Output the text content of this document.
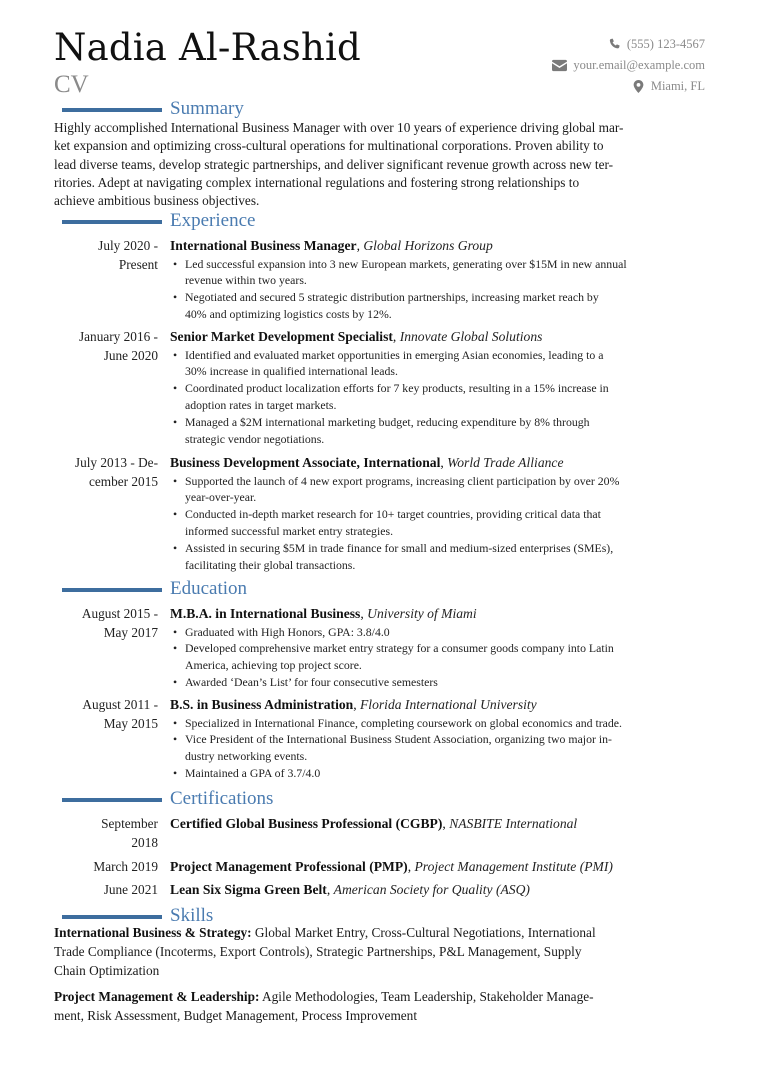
Nadia Al-Rashid
CV
(555) 123-4567
your.email@example.com
Miami, FL
Summary
Highly accomplished International Business Manager with over 10 years of experience driving global mar-
ket expansion and optimizing cross-cultural operations for multinational corporations. Proven ability to
lead diverse teams, develop strategic partnerships, and deliver significant revenue growth across new ter-
ritories. Adept at navigating complex international regulations and fostering strong relationships to
achieve ambitious business objectives.
Experience
July 2020 -
Present
International Business Manager, Global Horizons Group
• Led successful expansion into 3 new European markets, generating over $15M in new annual
revenue within two years.
• Negotiated and secured 5 strategic distribution partnerships, increasing market reach by
40% and optimizing logistics costs by 12%.
January 2016 -
June 2020
Senior Market Development Specialist, Innovate Global Solutions
• Identified and evaluated market opportunities in emerging Asian economies, leading to a
30% increase in qualified international leads.
• Coordinated product localization efforts for 7 key products, resulting in a 15% increase in
adoption rates in target markets.
• Managed a $2M international marketing budget, reducing expenditure by 8% through
strategic vendor negotiations.
July 2013 - De-
cember 2015
Business Development Associate, International, World Trade Alliance
• Supported the launch of 4 new export programs, increasing client participation by over 20%
year-over-year.
• Conducted in-depth market research for 10+ target countries, providing critical data that
informed successful market entry strategies.
• Assisted in securing $5M in trade finance for small and medium-sized enterprises (SMEs),
facilitating their global transactions.
Education
August 2015 -
May 2017
M.B.A. in International Business, University of Miami
• Graduated with High Honors, GPA: 3.8/4.0
• Developed comprehensive market entry strategy for a consumer goods company into Latin
America, achieving top project score.
• Awarded ‘Dean’s List’ for four consecutive semesters
August 2011 -
May 2015
B.S. in Business Administration, Florida International University
• Specialized in International Finance, completing coursework on global economics and trade.
• Vice President of the International Business Student Association, organizing two major in-
dustry networking events.
• Maintained a GPA of 3.7/4.0
Certifications
September
2018
Certified Global Business Professional (CGBP), NASBITE International
March 2019 Project Management Professional (PMP), Project Management Institute (PMI)
June 2021 Lean Six Sigma Green Belt, American Society for Quality (ASQ)
Skills
International Business & Strategy: Global Market Entry, Cross-Cultural Negotiations, International
Trade Compliance (Incoterms, Export Controls), Strategic Partnerships, P&L Management, Supply
Chain Optimization
Project Management & Leadership: Agile Methodologies, Team Leadership, Stakeholder Manage-
ment, Risk Assessment, Budget Management, Process Improvement
